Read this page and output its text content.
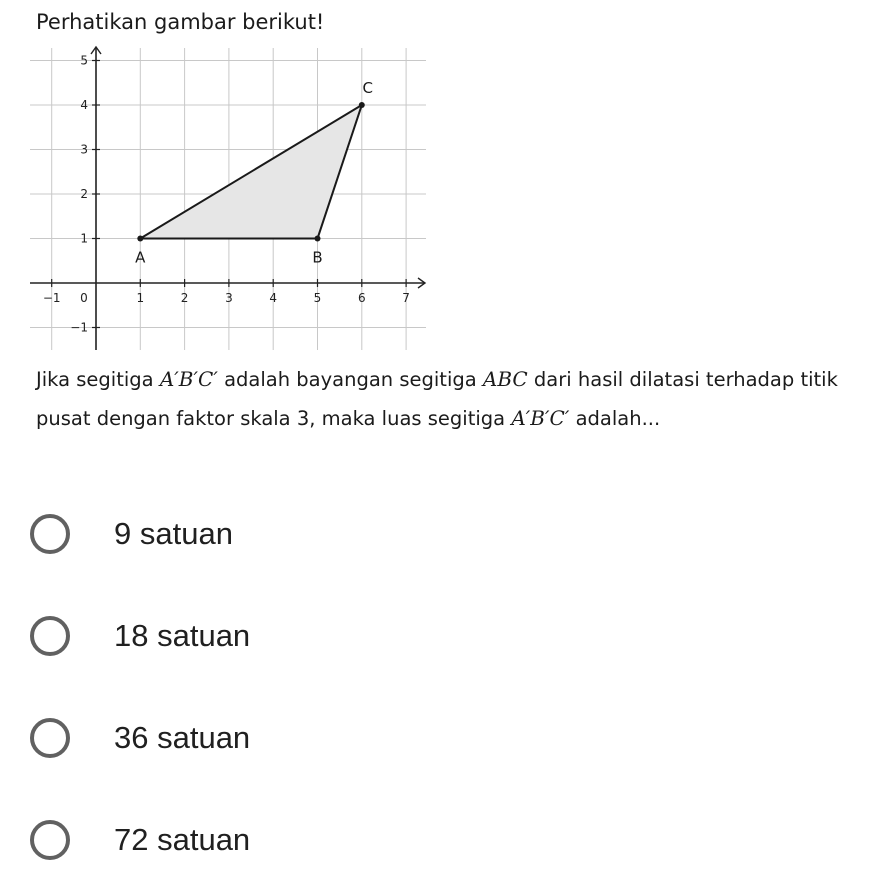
Perhatikan gambar berikut!
−1 0	1	2	3	4	5	6	7
−1
1
2
3
4
5
A	B
C
Jika segitiga A′B′C′ adalah bayangan segitiga ABC dari hasil dilatasi terhadap titik pusat dengan faktor skala 3, maka luas segitiga A′B′C′ adalah...
9 satuan
18 satuan
36 satuan
72 satuan
